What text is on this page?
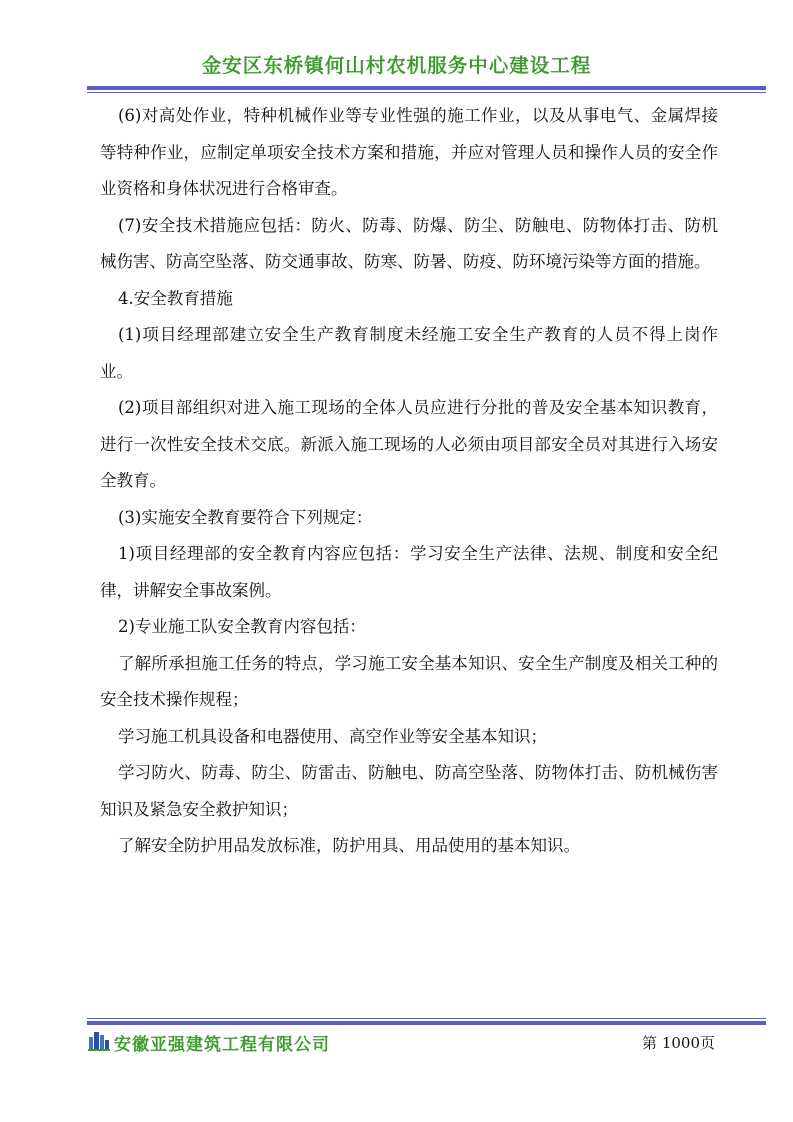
金安区东桥镇何山村农机服务中心建设工程

(6)对高处作业，特种机械作业等专业性强的施工作业，以及从事电气、金属焊接等特种作业，应制定单项安全技术方案和措施，并应对管理人员和操作人员的安全作业资格和身体状况进行合格审查。

(7)安全技术措施应包括：防火、防毒、防爆、防尘、防触电、防物体打击、防机械伤害、防高空坠落、防交通事故、防寒、防暑、防疫、防环境污染等方面的措施。

4.安全教育措施

(1)项目经理部建立安全生产教育制度未经施工安全生产教育的人员不得上岗作业。

(2)项目部组织对进入施工现场的全体人员应进行分批的普及安全基本知识教育，进行一次性安全技术交底。新派入施工现场的人必须由项目部安全员对其进行入场安全教育。

(3)实施安全教育要符合下列规定：

1)项目经理部的安全教育内容应包括：学习安全生产法律、法规、制度和安全纪律，讲解安全事故案例。

2)专业施工队安全教育内容包括：

了解所承担施工任务的特点，学习施工安全基本知识、安全生产制度及相关工种的安全技术操作规程；

学习施工机具设备和电器使用、高空作业等安全基本知识；

学习防火、防毒、防尘、防雷击、防触电、防高空坠落、防物体打击、防机械伤害知识及紧急安全救护知识；

了解安全防护用品发放标准，防护用具、用品使用的基本知识。

安徽亚强建筑工程有限公司	第 1000页
